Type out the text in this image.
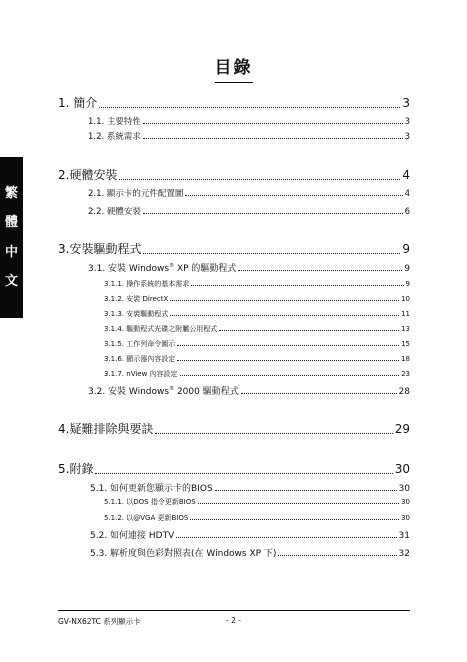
繁
體
中
文
目錄
1. 簡介	3
1.1. 主要特性	3
1.2. 系統需求	3
2.硬體安裝	4
2.1. 顯示卡的元件配置圖	4
2.2. 硬體安裝	6
3.安裝驅動程式	9
3.1. 安裝 Windows® XP 的驅動程式	9
3.1.1. 操作系統的基本需求	9
3.1.2. 安裝 DirectX	10
3.1.3. 安裝驅動程式	11
3.1.4. 驅動程式光碟之附屬公用程式	13
3.1.5. 工作列命令圖示	15
3.1.6. 顯示器內容設定	18
3.1.7. nView 內容設定	23
3.2. 安裝 Windows® 2000 驅動程式	28
4.疑難排除與要訣	29
5.附錄	30
5.1. 如何更新您顯示卡的BIOS	30
5.1.1. 以DOS 指令更新BIOS	30
5.1.2. 以@VGA 更新BIOS	30
5.2. 如何連接 HDTV	31
5.3. 解析度與色彩對照表(在 Windows XP 下)	32
GV-NX62TC 系列顯示卡	- 2 -
